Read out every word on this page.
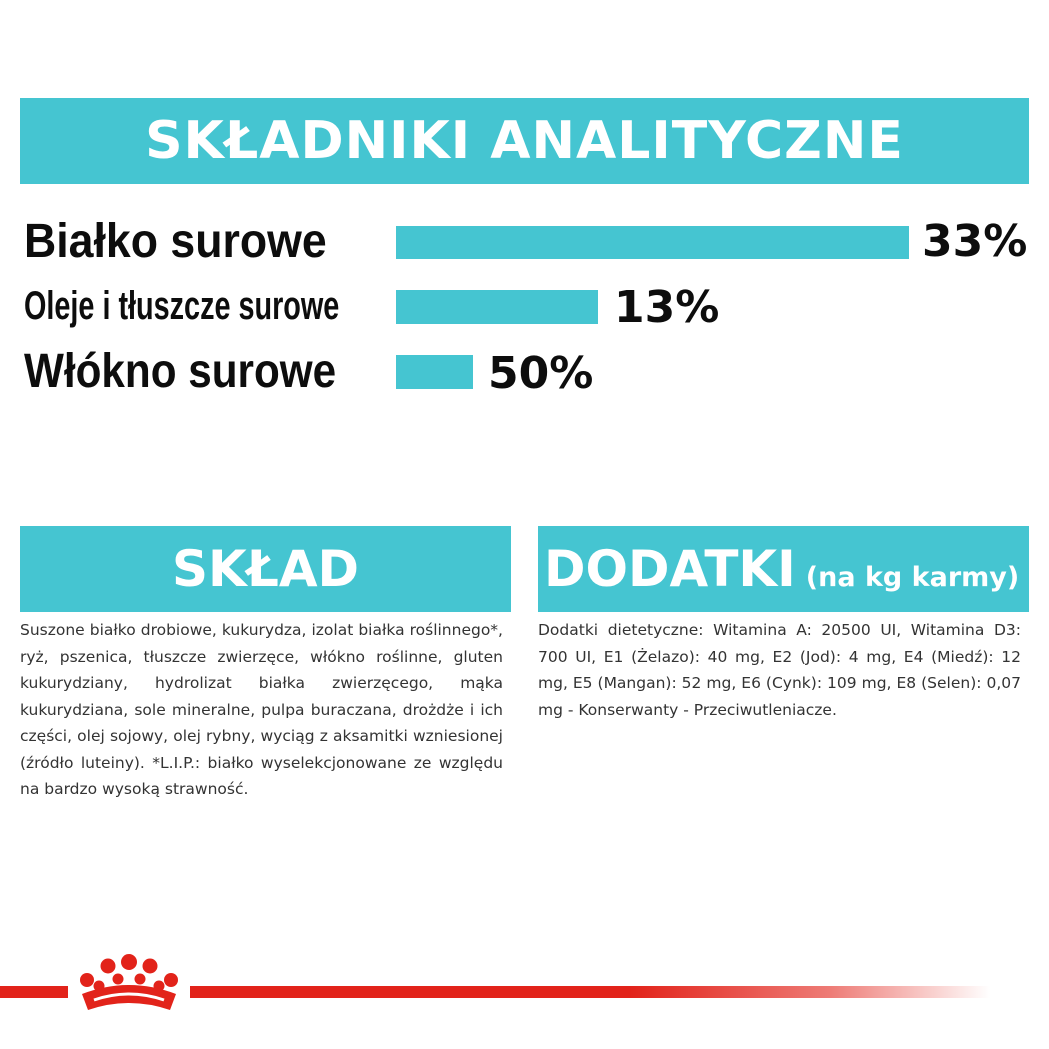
SKŁADNIKI ANALITYCZNE
Białko surowe	33%
Oleje i tłuszcze surowe	13%
Włókno surowe	50%
SKŁAD
Suszone białko drobiowe, kukurydza, izolat białka roślinnego*, ryż, pszenica, tłuszcze zwierzęce, włókno roślinne, gluten kukurydziany, hydrolizat białka zwierzęcego, mąka kukurydziana, sole mineralne, pulpa buraczana, drożdże i ich części, olej sojowy, olej rybny, wyciąg z aksamitki wzniesionej (źródło luteiny). *L.I.P.: białko wyselekcjonowane ze względu na bardzo wysoką strawność.
DODATKI (na kg karmy)
Dodatki dietetyczne: Witamina A: 20500 UI, Witamina D3: 700 UI, E1 (Żelazo): 40 mg, E2 (Jod): 4 mg, E4 (Miedź): 12 mg, E5 (Mangan): 52 mg, E6 (Cynk): 109 mg, E8 (Selen): 0,07 mg - Konserwanty - Przeciwutleniacze.
